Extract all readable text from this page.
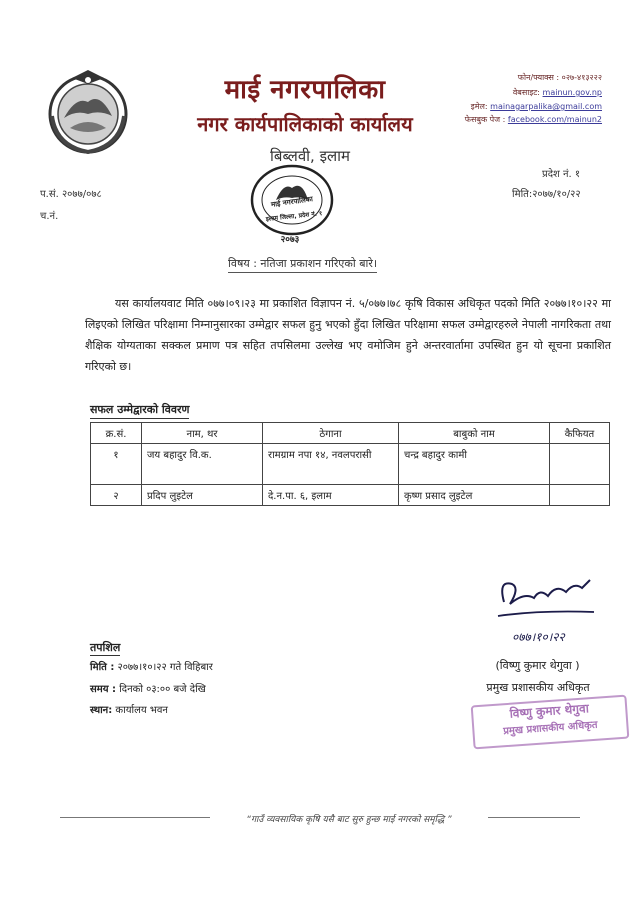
माई नगरपालिका
नगर कार्यपालिकाको कार्यालय
बिब्लवी, इलाम
फोन/फ्याक्स : ०२७-४१३२२२
वेबसाइट: mainun.gov.np
इमेल: mainagarpalika@gmail.com
फेसबुक पेज : facebook.com/mainun2
प्रदेश नं. १
प.सं. २०७७/०७८
च.नं.
मिति:२०७७/१०/२२
माई नगरपालिका
इलाम जिल्ला, प्रदेश नं. १
२०७३
विषय : नतिजा प्रकाशन गरिएको बारे।

यस कार्यालयवाट मिति ०७७।०९।२३ मा प्रकाशित विज्ञापन नं. ५/०७७।७८ कृषि विकास अधिकृत पदको मिति २०७७।१०।२२ मा लिइएको लिखित परिक्षामा निम्नानुसारका उम्मेद्वार सफल हुनु भएको हुँदा लिखित परिक्षामा सफल उम्मेद्वारहरुले नेपाली नागरिकता तथा शैक्षिक योग्यताका सक्कल प्रमाण पत्र सहित तपसिलमा उल्लेख भए वमोजिम हुने अन्तरवार्तामा उपस्थित हुन यो सूचना प्रकाशित गरिएको छ।

सफल उम्मेद्वारको विवरण
क्र.सं.	नाम, थर	ठेगाना	बाबुको नाम	कैफियत
१	जय बहादुर वि.क.	रामग्राम नपा १४, नवलपरासी	चन्द्र बहादुर कामी	
२	प्रदिप लुइटेल	दे.न.पा. ६, इलाम	कृष्ण प्रसाद लुइटेल	
०७७।१०।२२
तपशिल
मिति : २०७७।१०।२२ गते विहिबार
समय : दिनको ०३:०० बजे देखि
स्थान: कार्यालय भवन
(विष्णु कुमार थेगुवा )
प्रमुख प्रशासकीय अधिकृत
विष्णु कुमार थेगुवा
प्रमुख प्रशासकीय अधिकृत
“गाउँ व्यवसायिक कृषि यसै बाट सुरु हुन्छ माई नगरको समृद्धि ”
